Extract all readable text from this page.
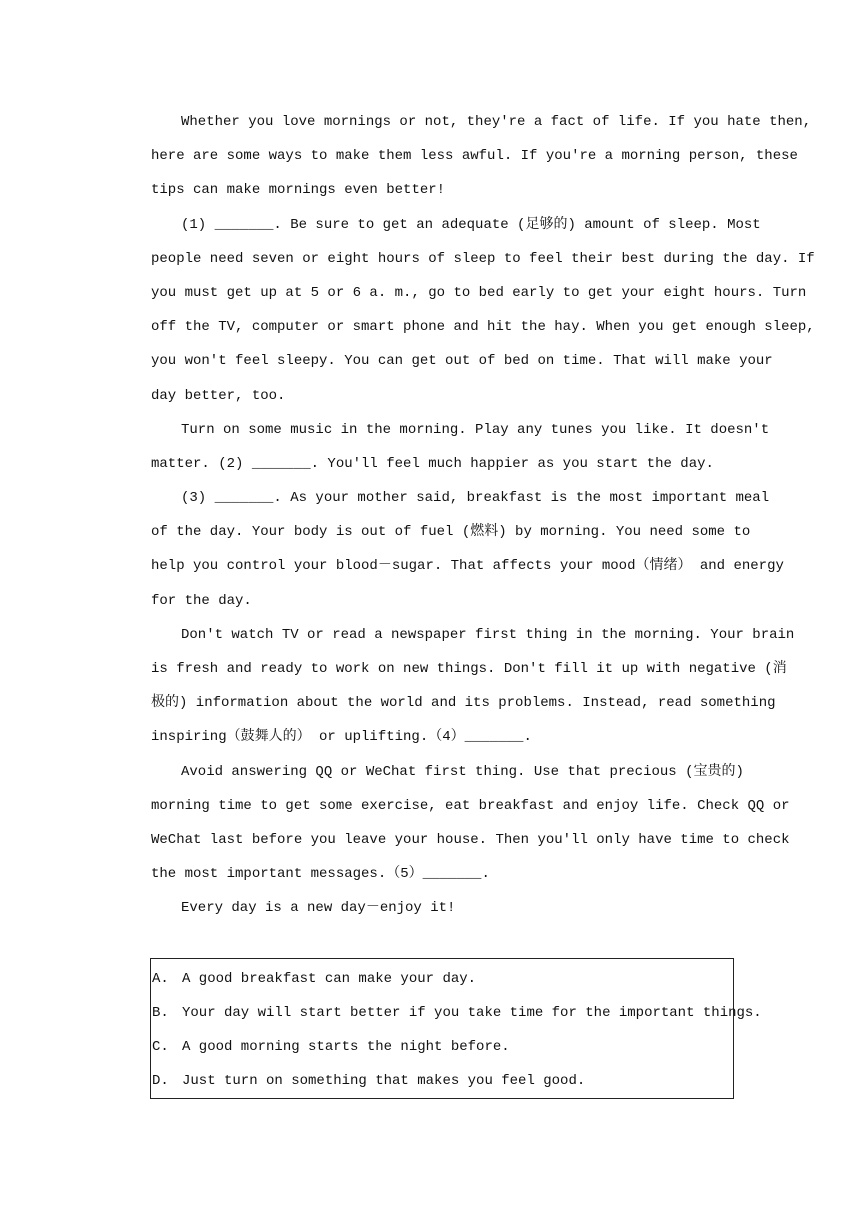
Whether you love mornings or not, they're a fact of life. If you hate then,
here are some ways to make them less awful. If you're a morning person, these
tips can make mornings even better!
(1) _______. Be sure to get an adequate (足够的) amount of sleep. Most
people need seven or eight hours of sleep to feel their best during the day. If
you must get up at 5 or 6 a. m., go to bed early to get your eight hours. Turn
off the TV, computer or smart phone and hit the hay. When you get enough sleep,
you won't feel sleepy. You can get out of bed on time. That will make your
day better, too.
Turn on some music in the morning. Play any tunes you like. It doesn't
matter. (2) _______. You'll feel much happier as you start the day.
(3) _______. As your mother said, breakfast is the most important meal
of the day. Your body is out of fuel (燃料) by morning. You need some to
help you control your blood－sugar. That affects your mood（情绪） and energy
for the day.
Don't watch TV or read a newspaper first thing in the morning. Your brain
is fresh and ready to work on new things. Don't fill it up with negative (消
极的) information about the world and its problems. Instead, read something
inspiring（鼓舞人的） or uplifting.（4）_______.
Avoid answering QQ or WeChat first thing. Use that precious (宝贵的)
morning time to get some exercise, eat breakfast and enjoy life. Check QQ or
WeChat last before you leave your house. Then you'll only have time to check
the most important messages.（5）_______.
Every day is a new day－enjoy it!
A. A good breakfast can make your day.
B. Your day will start better if you take time for the important things.
C. A good morning starts the night before.
D. Just turn on something that makes you feel good.
